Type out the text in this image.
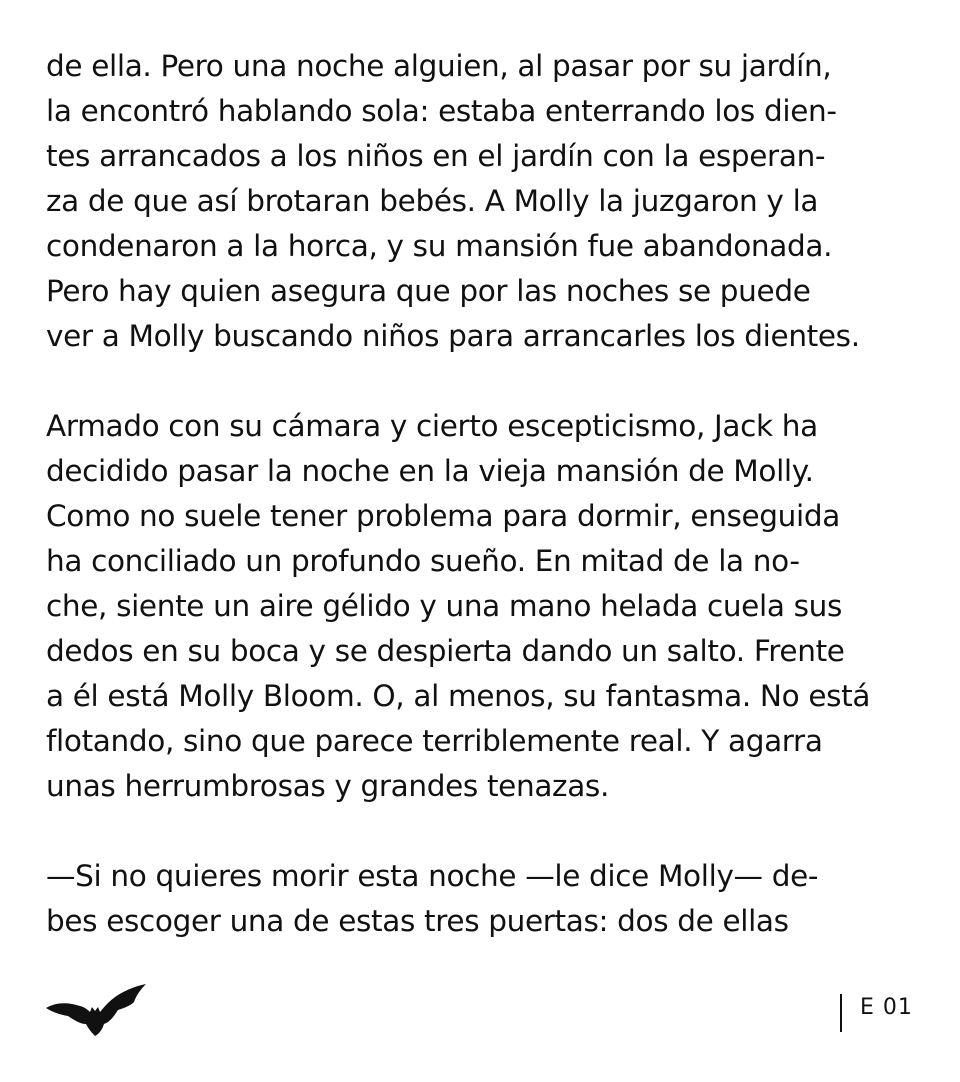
de ella. Pero una noche alguien, al pasar por su jardín,
la encontró hablando sola: estaba enterrando los dien-
tes arrancados a los niños en el jardín con la esperan-
za de que así brotaran bebés. A Molly la juzgaron y la
condenaron a la horca, y su mansión fue abandonada.
Pero hay quien asegura que por las noches se puede
ver a Molly buscando niños para arrancarles los dientes.
Armado con su cámara y cierto escepticismo, Jack ha
decidido pasar la noche en la vieja mansión de Molly.
Como no suele tener problema para dormir, enseguida
ha conciliado un profundo sueño. En mitad de la no-
che, siente un aire gélido y una mano helada cuela sus
dedos en su boca y se despierta dando un salto. Frente
a él está Molly Bloom. O, al menos, su fantasma. No está
flotando, sino que parece terriblemente real. Y agarra
unas herrumbrosas y grandes tenazas.
—Si no quieres morir esta noche —le dice Molly— de-
bes escoger una de estas tres puertas: dos de ellas
E 01
